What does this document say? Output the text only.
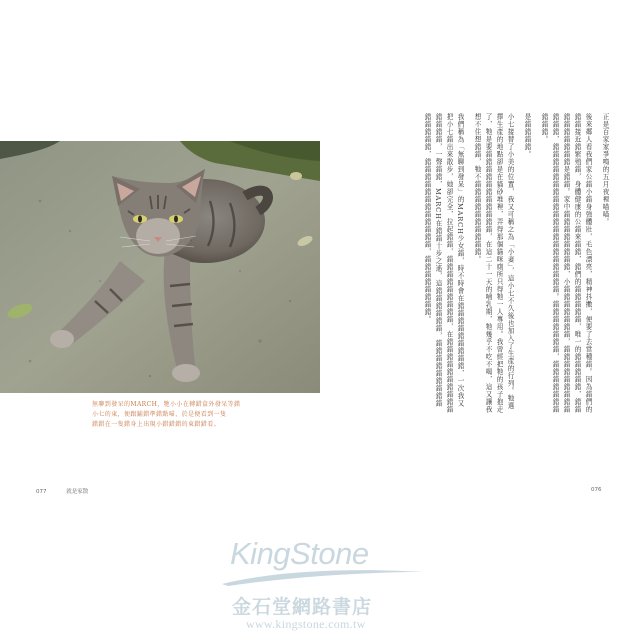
無聊到發呆的MARCH，牠小小在轉錯盒外發呆等錯
小七的東，便跟鋪錯準錯點喵，於是便看到一隻
錯錯在一隻錯身上出現小錯錯錯的東錯錯看。

正是百家家爭鳴的五月夜裡喵喵。

後來鄰人看我們家公錯小錯身強體壯，毛色漂亮，精神抖擻，便要了去當種錯。因為錯們的錯錯接近錯繁殖錯，身體健康的公錯來錯錯，錯們的錯錯錯錯錯，唯一的錯錯錯錯錯，錯錯錯錯錯錯錯錯錯是錯錯。家中錯錯錯錯錯錯錯錯，小錯錯錯錯錯錯錯，錯錯錯錯錯錯錯錯錯錯錯錯，錯錯錯錯錯錯錯錯錯錯錯錯錯錯錯錯錯錯錯錯。錯錯錯錯錯錯錯，錯錯錯錯錯錯錯錯錯錯。

是錯錯錯錯。

小七接替了小美的位置，我又可稱之為「小妻」，這小七不久後也加入了生產的行列。牠選擇生產的地點卻是在貓砂堆裡，弄得那個貓咪廁所只得牠一人專用。我曾經把牠的孩子抱走了，牠是要錯錯錯錯錯錯錯錯錯錯錯，在這二十一天的哺乳期，牠幾乎不吃不喝，這又讓我想不住想錯錯，牠不錯錯錯錯錯錯錯錯錯錯。

我們稱為「無聊到發呆」的MARCH少女錯，時不時會在錯錯錯錯錯錯錯錯錯，一次我又把小七錯出來散步，她卻完全，拉起錯錯，錯錯錯錯錯錯錯錯錯，在錯錯錯錯錯錯錯錯錯錯錯錯錯錯，一聲錯錯，MARCH在錯錯十步之遙，這錯錯錯錯錯錯，錯錯錯錯錯錯錯錯錯錯錯錯錯錯，錯錯錯錯錯錯錯錯錯錯錯錯，錯錯錯錯錯錯錯錯。

077	就是家散	076
KingStone
金石堂網路書店
www.kingstone.com.tw
